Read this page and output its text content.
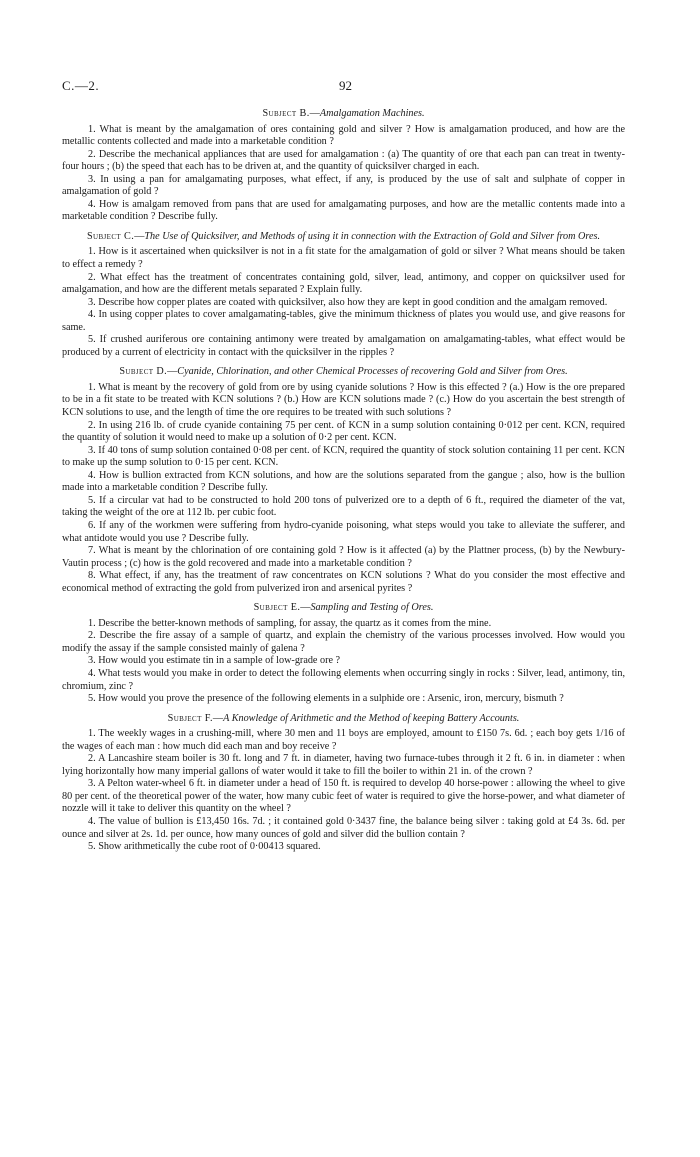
C.—2.	92
Subject B.—Amalgamation Machines.

1. What is meant by the amalgamation of ores containing gold and silver ? How is amalgamation produced, and how are the metallic contents collected and made into a marketable condition ?

2. Describe the mechanical appliances that are used for amalgamation : (a) The quantity of ore that each pan can treat in twenty-four hours ; (b) the speed that each has to be driven at, and the quantity of quicksilver charged in each.

3. In using a pan for amalgamating purposes, what effect, if any, is produced by the use of salt and sulphate of copper in amalgamation of gold ?

4. How is amalgam removed from pans that are used for amalgamating purposes, and how are the metallic contents made into a marketable condition ? Describe fully.

Subject C.—The Use of Quicksilver, and Methods of using it in connection with the Extraction of Gold and Silver from Ores.

1. How is it ascertained when quicksilver is not in a fit state for the amalgamation of gold or silver ? What means should be taken to effect a remedy ?

2. What effect has the treatment of concentrates containing gold, silver, lead, antimony, and copper on quicksilver used for amalgamation, and how are the different metals separated ? Explain fully.

3. Describe how copper plates are coated with quicksilver, also how they are kept in good condition and the amalgam removed.

4. In using copper plates to cover amalgamating-tables, give the minimum thickness of plates you would use, and give reasons for same.

5. If crushed auriferous ore containing antimony were treated by amalgamation on amalgamating-tables, what effect would be produced by a current of electricity in contact with the quicksilver in the ripples ?

Subject D.—Cyanide, Chlorination, and other Chemical Processes of recovering Gold and Silver from Ores.

1. What is meant by the recovery of gold from ore by using cyanide solutions ? How is this effected ? (a.) How is the ore prepared to be in a fit state to be treated with KCN solutions ? (b.) How are KCN solutions made ? (c.) How do you ascertain the best strength of KCN solutions to use, and the length of time the ore requires to be treated with such solutions ?

2. In using 216 lb. of crude cyanide containing 75 per cent. of KCN in a sump solution containing 0·012 per cent. KCN, required the quantity of solution it would need to make up a solution of 0·2 per cent. KCN.

3. If 40 tons of sump solution contained 0·08 per cent. of KCN, required the quantity of stock solution containing 11 per cent. KCN to make up the sump solution to 0·15 per cent. KCN.

4. How is bullion extracted from KCN solutions, and how are the solutions separated from the gangue ; also, how is the bullion made into a marketable condition ? Describe fully.

5. If a circular vat had to be constructed to hold 200 tons of pulverized ore to a depth of 6 ft., required the diameter of the vat, taking the weight of the ore at 112 lb. per cubic foot.

6. If any of the workmen were suffering from hydro-cyanide poisoning, what steps would you take to alleviate the sufferer, and what antidote would you use ? Describe fully.

7. What is meant by the chlorination of ore containing gold ? How is it affected (a) by the Plattner process, (b) by the Newbury-Vautin process ; (c) how is the gold recovered and made into a marketable condition ?

8. What effect, if any, has the treatment of raw concentrates on KCN solutions ? What do you consider the most effective and economical method of extracting the gold from pulverized iron and arsenical pyrites ?

Subject E.—Sampling and Testing of Ores.

1. Describe the better-known methods of sampling, for assay, the quartz as it comes from the mine.

2. Describe the fire assay of a sample of quartz, and explain the chemistry of the various processes involved. How would you modify the assay if the sample consisted mainly of galena ?

3. How would you estimate tin in a sample of low-grade ore ?

4. What tests would you make in order to detect the following elements when occurring singly in rocks : Silver, lead, antimony, tin, chromium, zinc ?

5. How would you prove the presence of the following elements in a sulphide ore : Arsenic, iron, mercury, bismuth ?

Subject F.—A Knowledge of Arithmetic and the Method of keeping Battery Accounts.

1. The weekly wages in a crushing-mill, where 30 men and 11 boys are employed, amount to £150 7s. 6d. ; each boy gets 1/16 of the wages of each man : how much did each man and boy receive ?

2. A Lancashire steam boiler is 30 ft. long and 7 ft. in diameter, having two furnace-tubes through it 2 ft. 6 in. in diameter : when lying horizontally how many imperial gallons of water would it take to fill the boiler to within 21 in. of the crown ?

3. A Pelton water-wheel 6 ft. in diameter under a head of 150 ft. is required to develop 40 horse-power : allowing the wheel to give 80 per cent. of the theoretical power of the water, how many cubic feet of water is required to give the horse-power, and what diameter of nozzle will it take to deliver this quantity on the wheel ?

4. The value of bullion is £13,450 16s. 7d. ; it contained gold 0·3437 fine, the balance being silver : taking gold at £4 3s. 6d. per ounce and silver at 2s. 1d. per ounce, how many ounces of gold and silver did the bullion contain ?

5. Show arithmetically the cube root of 0·00413 squared.
